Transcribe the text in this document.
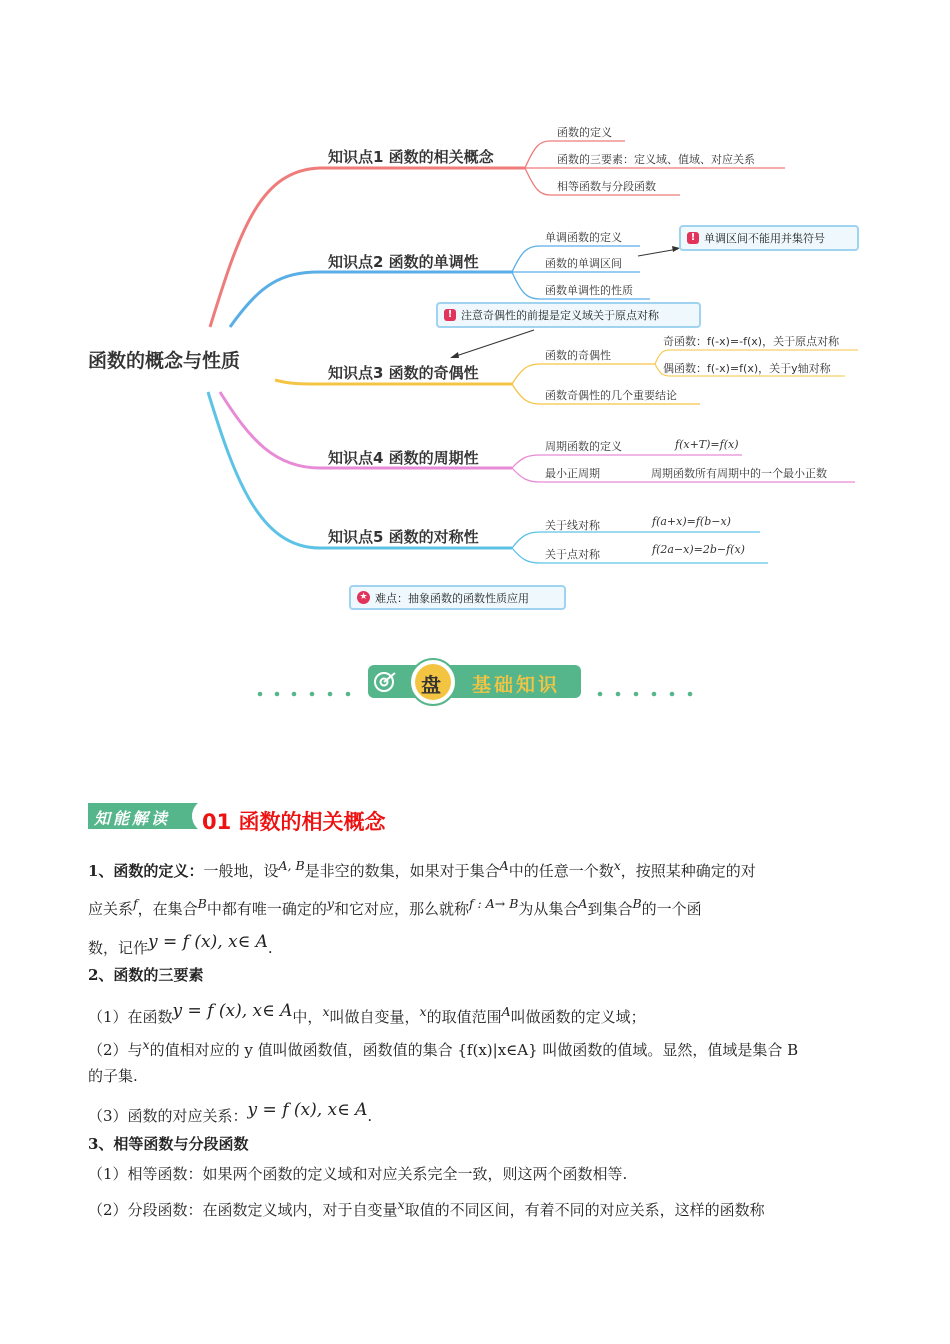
函数的概念与性质
知识点1 函数的相关概念
函数的定义
函数的三要素：定义域、值域、对应关系
相等函数与分段函数
知识点2 函数的单调性
单调函数的定义
函数的单调区间
函数单调性的性质
! 单调区间不能用并集符号
! 注意奇偶性的前提是定义域关于原点对称
知识点3 函数的奇偶性
函数的奇偶性
函数奇偶性的几个重要结论
奇函数：f(-x)=-f(x)，关于原点对称
偶函数：f(-x)=f(x)，关于y轴对称
知识点4 函数的周期性
周期函数的定义
最小正周期
f(x+T)=f(x)
周期函数所有周期中的一个最小正数
知识点5 函数的对称性
关于线对称
关于点对称
f(a+x)=f(b−x)
f(2a−x)=2b−f(x)
★ 难点：抽象函数的函数性质应用
盘 基础知识
知能解读 01 函数的相关概念
1、函数的定义：一般地，设$^{A, B}$是非空的数集，如果对于集合$^A$中的任意一个数$^x$，按照某种确定的对
应关系$^f$，在集合$^B$中都有唯一确定的$^y$和它对应，那么就称$^{f : A\to B}$为从集合$^A$到集合$^B$的一个函
数，记作$^{y = f (x), x\in A}$.
2、函数的三要素
（1）在函数$^{y = f (x), x\in A}$中，$^x$叫做自变量，$^x$的取值范围$^A$叫做函数的定义域；
（2）与$^x$的值相对应的 y 值叫做函数值，函数值的集合 {f(x)|x∈A} 叫做函数的值域。显然，值域是集合 B
的子集.
（3）函数的对应关系：$^{y = f (x), x\in A}$.
3、相等函数与分段函数
（1）相等函数：如果两个函数的定义域和对应关系完全一致，则这两个函数相等.
（2）分段函数：在函数定义域内，对于自变量$^x$取值的不同区间，有着不同的对应关系，这样的函数称
